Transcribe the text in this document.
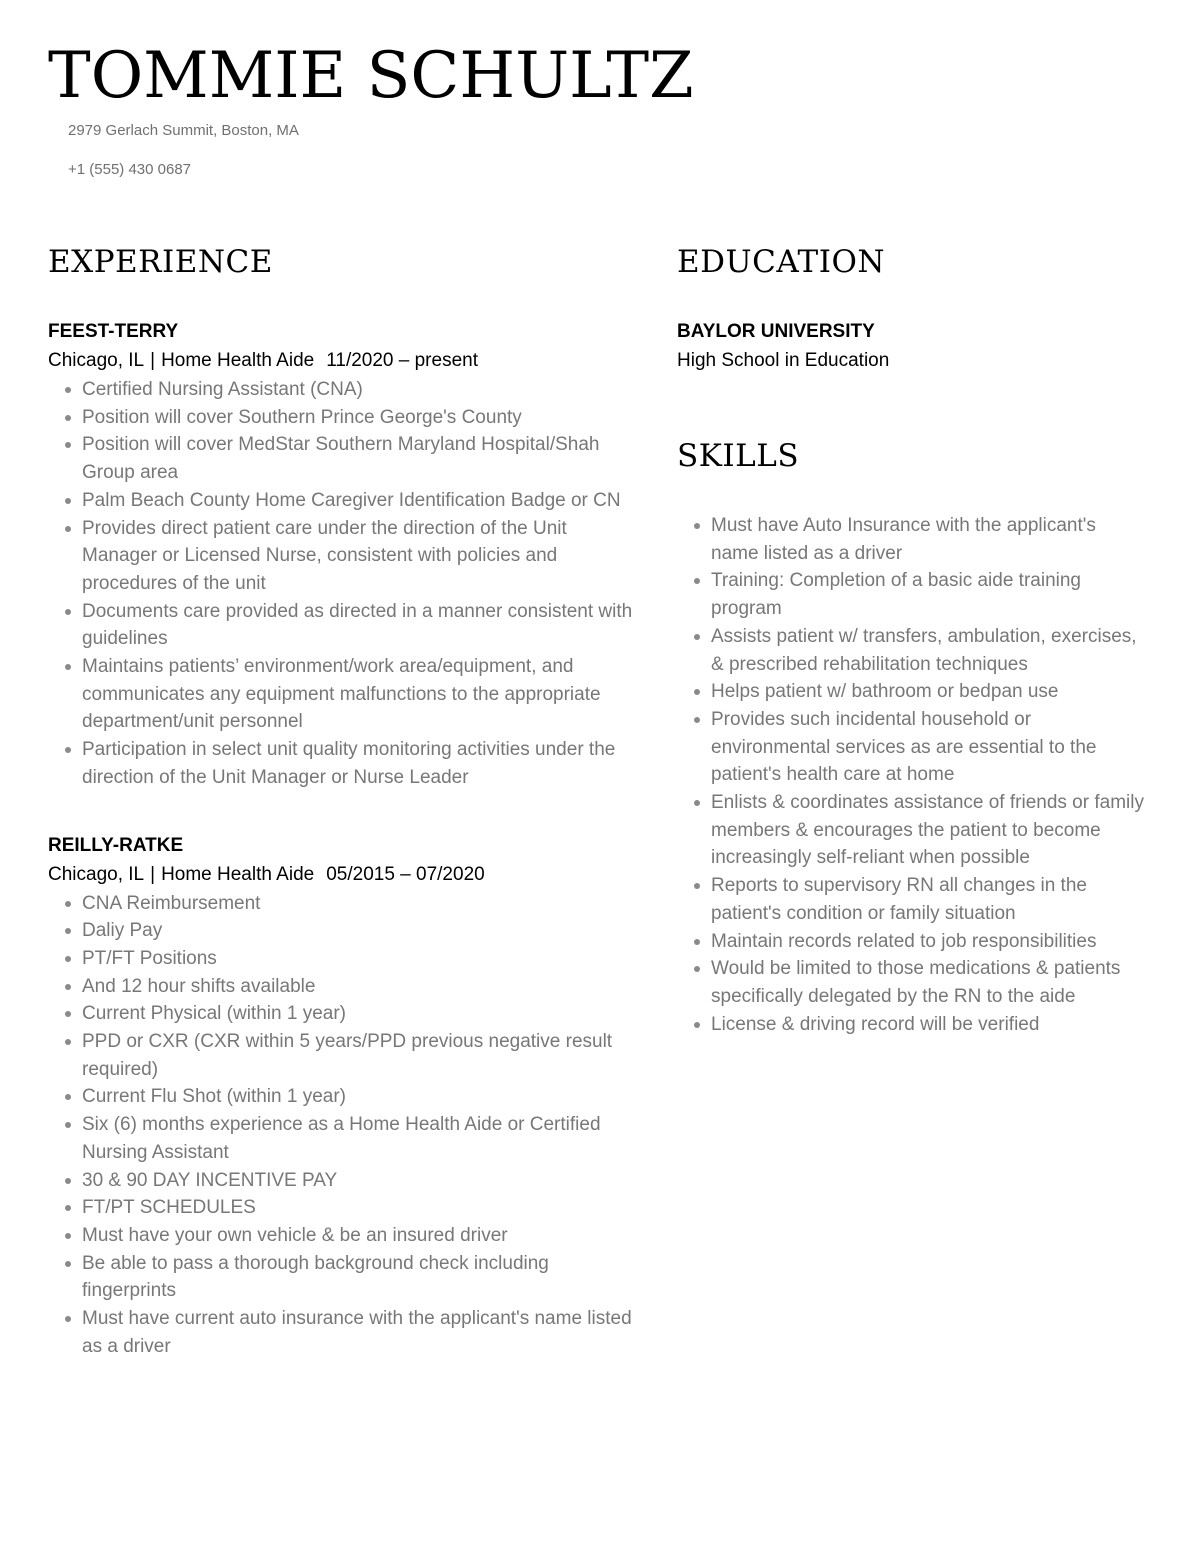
TOMMIE SCHULTZ

2979 Gerlach Summit, Boston, MA

+1 (555) 430 0687

EXPERIENCE

FEEST-TERRY

Chicago, IL | Home Health Aide 11/2020 – present

Certified Nursing Assistant (CNA)
Position will cover Southern Prince George's County
Position will cover MedStar Southern Maryland Hospital/Shah Group area
Palm Beach County Home Caregiver Identification Badge or CN
Provides direct patient care under the direction of the Unit Manager or Licensed Nurse, consistent with policies and procedures of the unit
Documents care provided as directed in a manner consistent with guidelines
Maintains patients’ environment/work area/equipment, and communicates any equipment malfunctions to the appropriate department/unit personnel
Participation in select unit quality monitoring activities under the direction of the Unit Manager or Nurse Leader

REILLY-RATKE

Chicago, IL | Home Health Aide 05/2015 – 07/2020

CNA Reimbursement
Daliy Pay
PT/FT Positions
And 12 hour shifts available
Current Physical (within 1 year)
PPD or CXR (CXR within 5 years/PPD previous negative result required)
Current Flu Shot (within 1 year)
Six (6) months experience as a Home Health Aide or Certified Nursing Assistant
30 & 90 DAY INCENTIVE PAY
FT/PT SCHEDULES
Must have your own vehicle & be an insured driver
Be able to pass a thorough background check including fingerprints
Must have current auto insurance with the applicant's name listed as a driver
EDUCATION

BAYLOR UNIVERSITY

High School in Education

SKILLS
Must have Auto Insurance with the applicant's name listed as a driver
Training: Completion of a basic aide training program
Assists patient w/ transfers, ambulation, exercises, & prescribed rehabilitation techniques
Helps patient w/ bathroom or bedpan use
Provides such incidental household or environmental services as are essential to the patient's health care at home
Enlists & coordinates assistance of friends or family members & encourages the patient to become increasingly self-reliant when possible
Reports to supervisory RN all changes in the patient's condition or family situation
Maintain records related to job responsibilities
Would be limited to those medications & patients specifically delegated by the RN to the aide
License & driving record will be verified
